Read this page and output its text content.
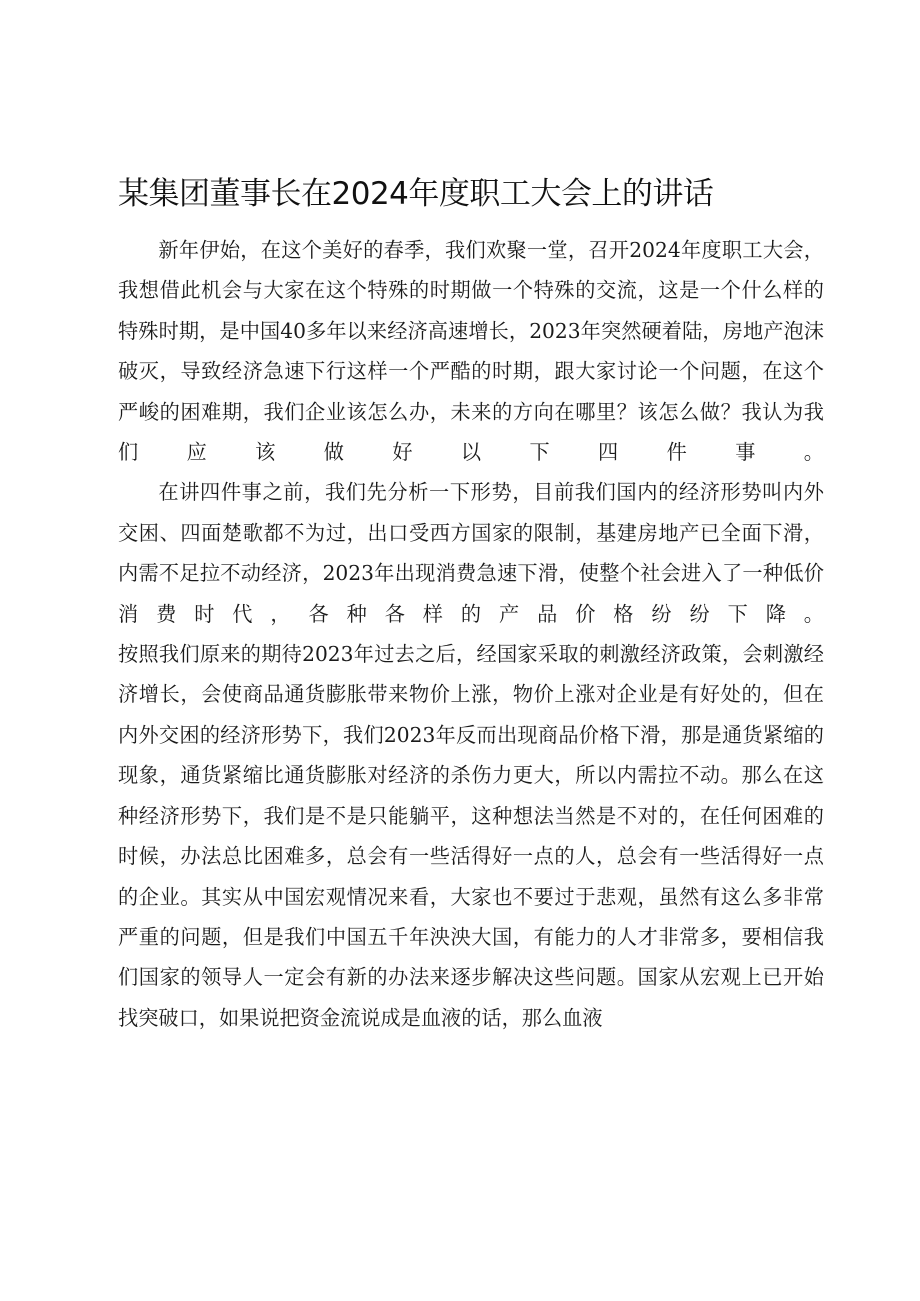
某集团董事长在2024年度职工大会上的讲话

新年伊始，在这个美好的春季，我们欢聚一堂，召开2024年度职工大会，我想借此机会与大家在这个特殊的时期做一个特殊的交流，这是一个什么样的特殊时期，是中国40多年以来经济高速增长，2023年突然硬着陆，房地产泡沫破灭，导致经济急速下行这样一个严酷的时期，跟大家讨论一个问题，在这个严峻的困难期，我们企业该怎么办，未来的方向在哪里？该怎么做？我认为我们应该做好以下四件事。

在讲四件事之前，我们先分析一下形势，目前我们国内的经济形势叫内外交困、四面楚歌都不为过，出口受西方国家的限制，基建房地产已全面下滑，内需不足拉不动经济，2023年出现消费急速下滑，使整个社会进入了一种低价消费时代，各种各样的产品价格纷纷下降。

按照我们原来的期待2023年过去之后，经国家采取的刺激经济政策，会刺激经济增长，会使商品通货膨胀带来物价上涨，物价上涨对企业是有好处的，但在内外交困的经济形势下，我们2023年反而出现商品价格下滑，那是通货紧缩的现象，通货紧缩比通货膨胀对经济的杀伤力更大，所以内需拉不动。那么在这种经济形势下，我们是不是只能躺平，这种想法当然是不对的，在任何困难的时候，办法总比困难多，总会有一些活得好一点的人，总会有一些活得好一点的企业。其实从中国宏观情况来看，大家也不要过于悲观，虽然有这么多非常严重的问题，但是我们中国五千年泱泱大国，有能力的人才非常多，要相信我们国家的领导人一定会有新的办法来逐步解决这些问题。国家从宏观上已开始找突破口，如果说把资金流说成是血液的话，那么血液
